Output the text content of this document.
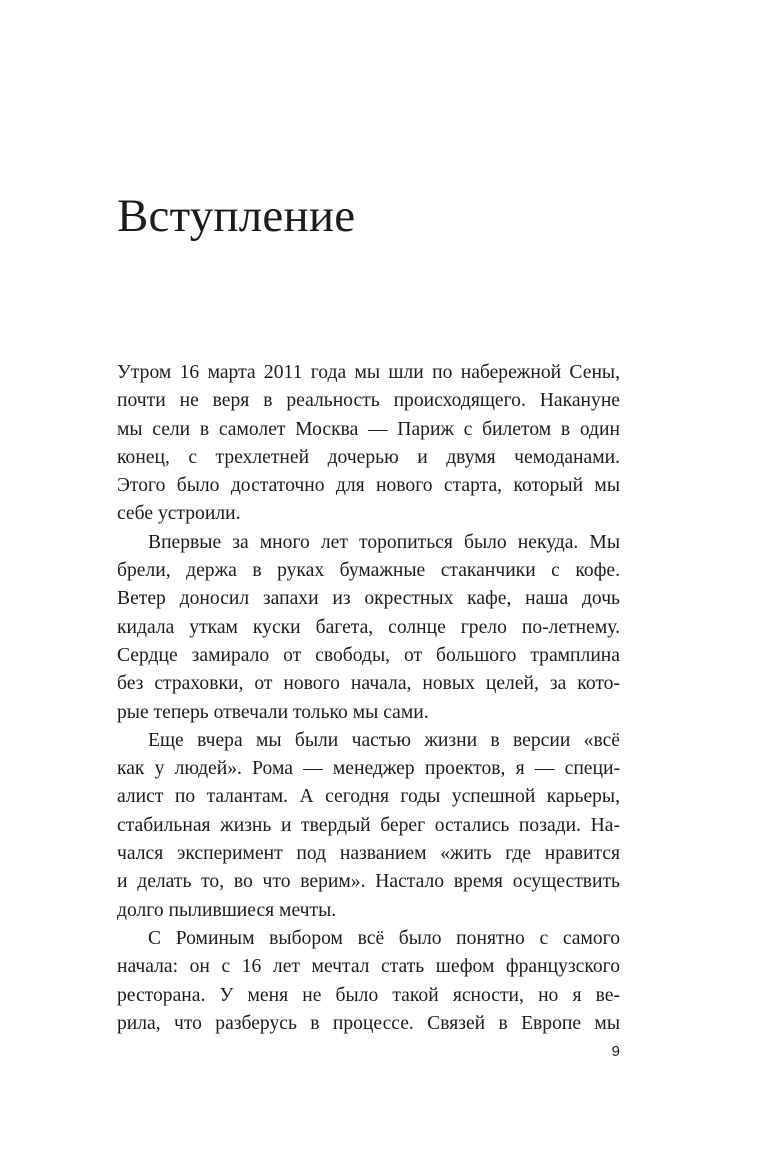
Вступление
Утром 16 марта 2011 года мы шли по набережной Сены,
почти не веря в реальность происходящего. Накануне
мы сели в самолет Москва — Париж с билетом в один
конец, с трехлетней дочерью и двумя чемоданами.
Этого было достаточно для нового старта, который мы
себе устроили.
Впервые за много лет торопиться было некуда. Мы
брели, держа в руках бумажные стаканчики с кофе.
Ветер доносил запахи из окрестных кафе, наша дочь
кидала уткам куски багета, солнце грело по-летнему.
Сердце замирало от свободы, от большого трамплина
без страховки, от нового начала, новых целей, за кото-
рые теперь отвечали только мы сами.
Еще вчера мы были частью жизни в версии «всё
как у людей». Рома — менеджер проектов, я — специ-
алист по талантам. А сегодня годы успешной карьеры,
стабильная жизнь и твердый берег остались позади. На-
чался эксперимент под названием «жить где нравится
и делать то, во что верим». Настало время осуществить
долго пылившиеся мечты.
С Роминым выбором всё было понятно с самого
начала: он с 16 лет мечтал стать шефом французского
ресторана. У меня не было такой ясности, но я ве-
рила, что разберусь в процессе. Связей в Европе мы
9
